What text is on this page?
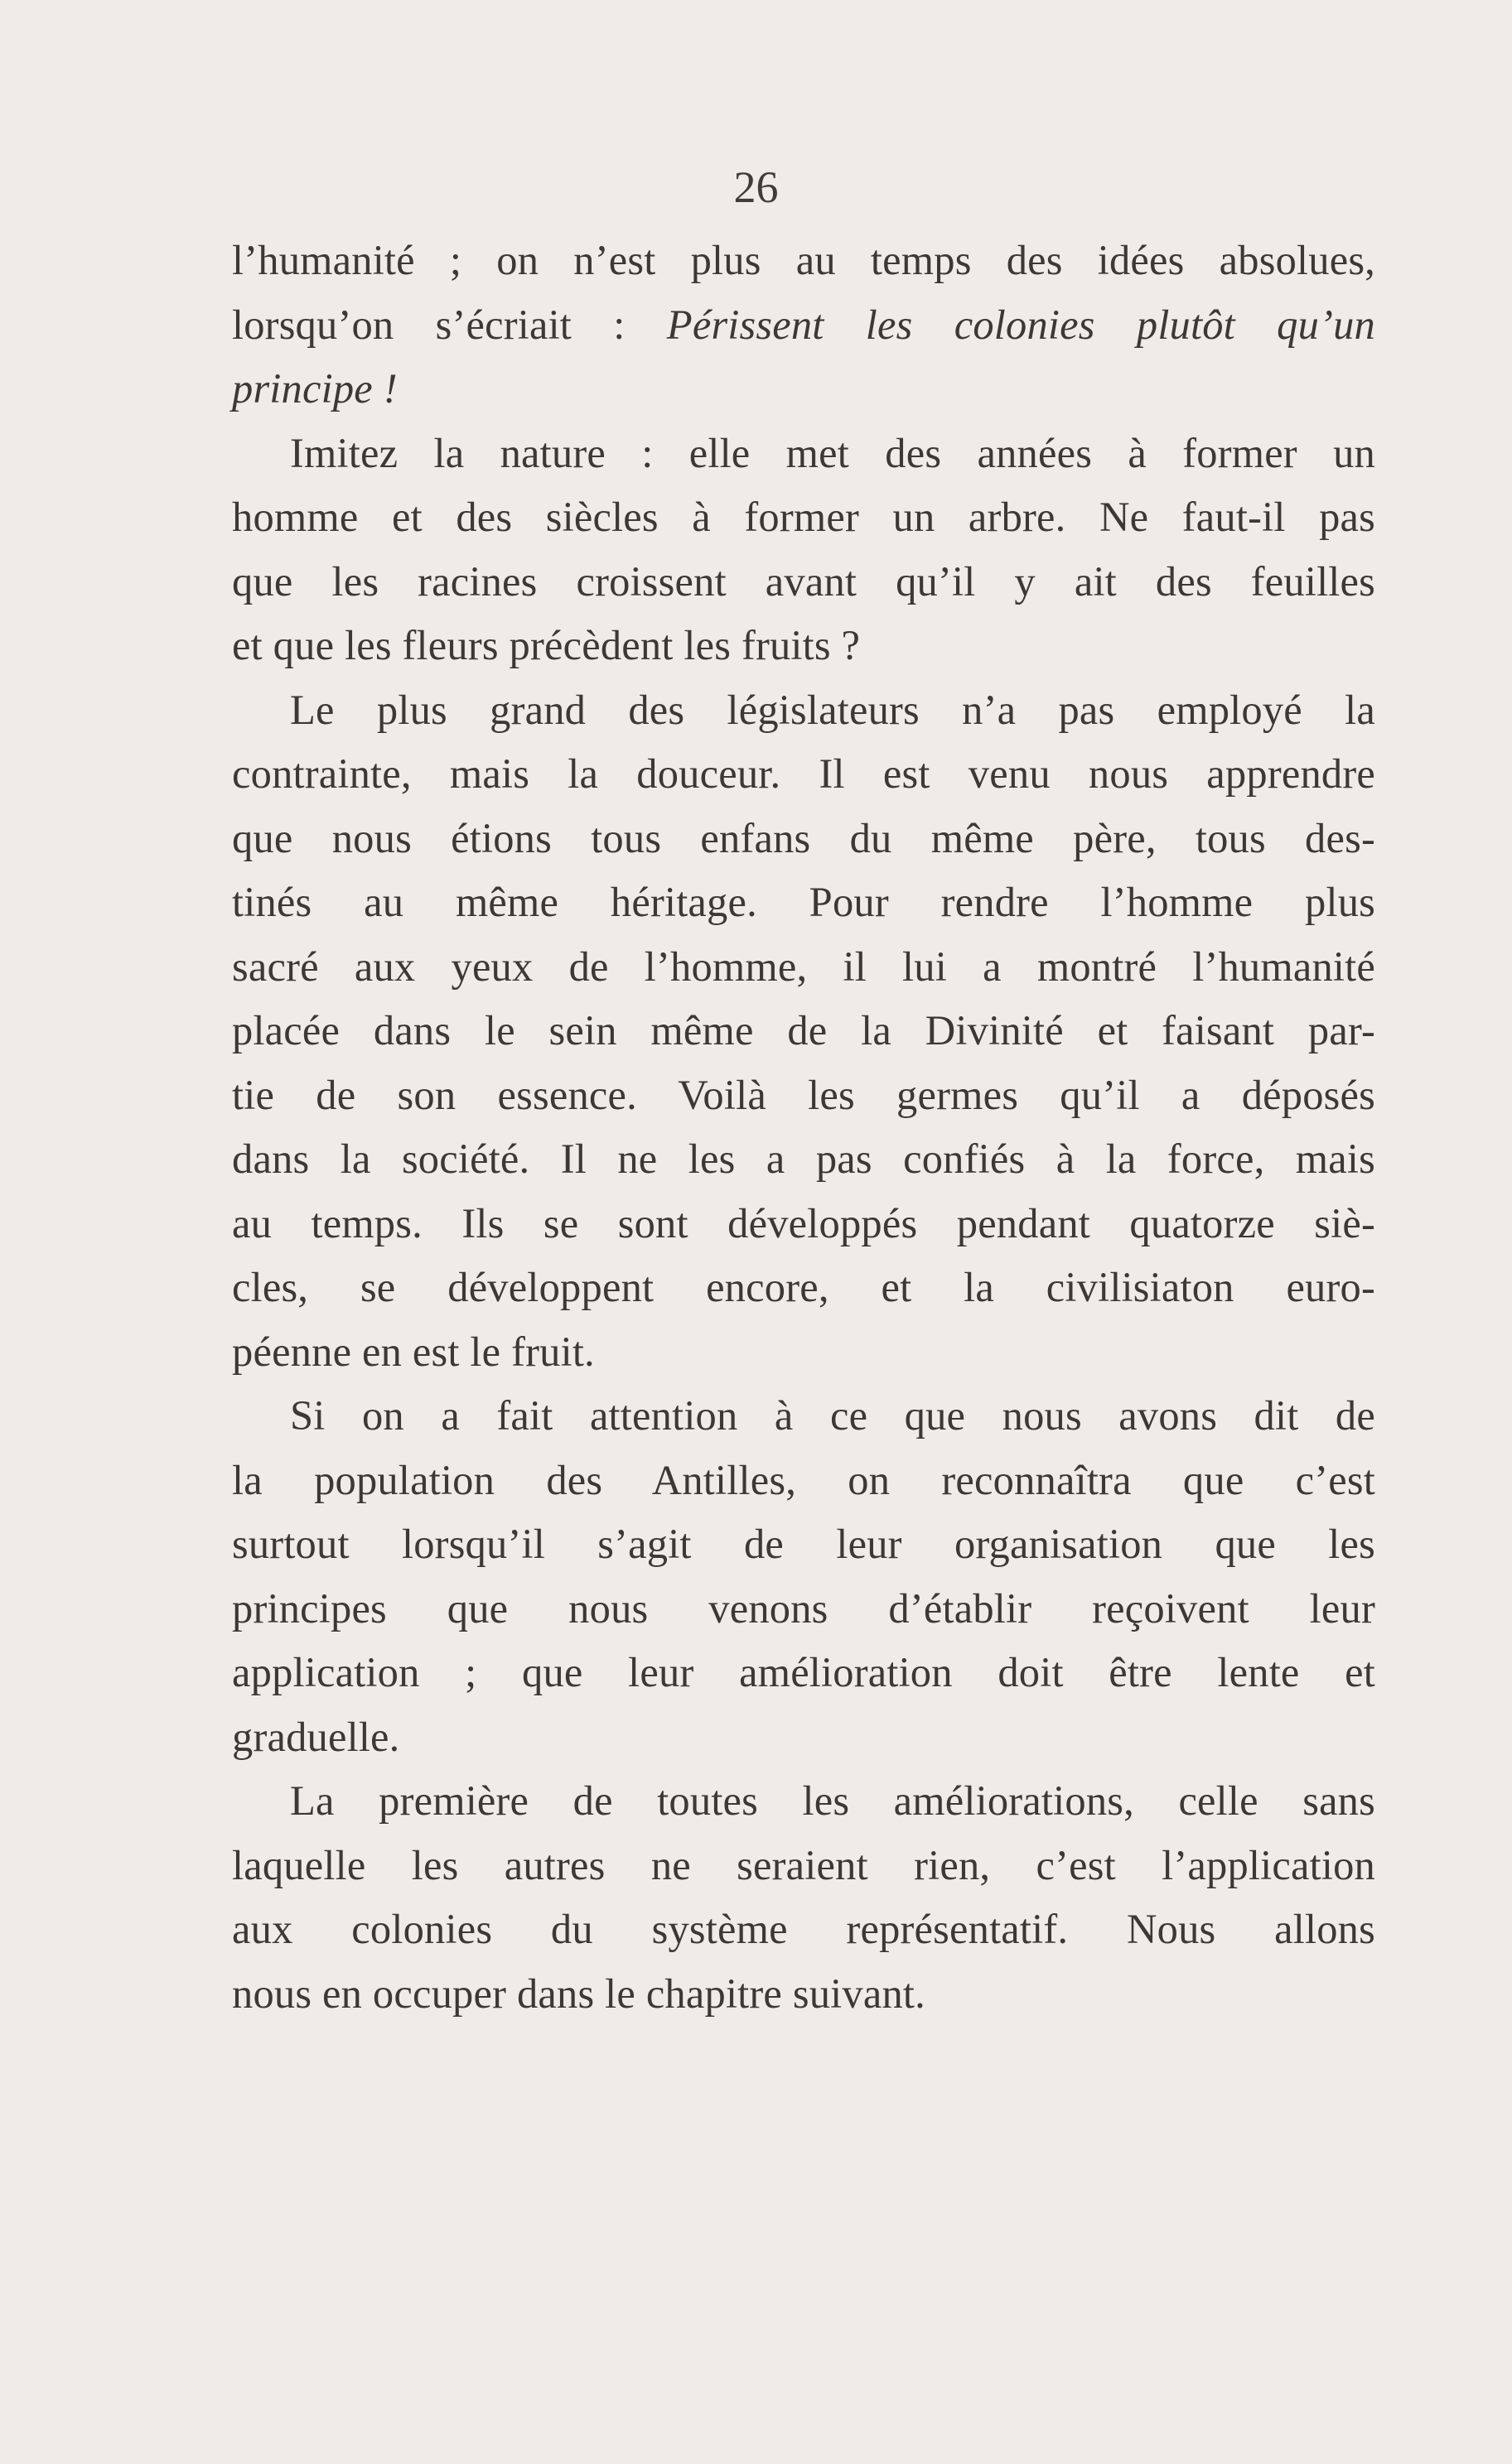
26
l’humanité ; on n’est plus au temps des idées absolues,
lorsqu’on s’écriait : Périssent les colonies plutôt qu’un
principe !
Imitez la nature : elle met des années à former un
homme et des siècles à former un arbre. Ne faut-il pas
que les racines croissent avant qu’il y ait des feuilles
et que les fleurs précèdent les fruits ?
Le plus grand des législateurs n’a pas employé la
contrainte, mais la douceur. Il est venu nous apprendre
que nous étions tous enfans du même père, tous des-
tinés au même héritage. Pour rendre l’homme plus
sacré aux yeux de l’homme, il lui a montré l’humanité
placée dans le sein même de la Divinité et faisant par-
tie de son essence. Voilà les germes qu’il a déposés
dans la société. Il ne les a pas confiés à la force, mais
au temps. Ils se sont développés pendant quatorze siè-
cles, se développent encore, et la civilisiaton euro-
péenne en est le fruit.
Si on a fait attention à ce que nous avons dit de
la population des Antilles, on reconnaîtra que c’est
surtout lorsqu’il s’agit de leur organisation que les
principes que nous venons d’établir reçoivent leur
application ; que leur amélioration doit être lente et
graduelle.
La première de toutes les améliorations, celle sans
laquelle les autres ne seraient rien, c’est l’application
aux colonies du système représentatif. Nous allons
nous en occuper dans le chapitre suivant.
